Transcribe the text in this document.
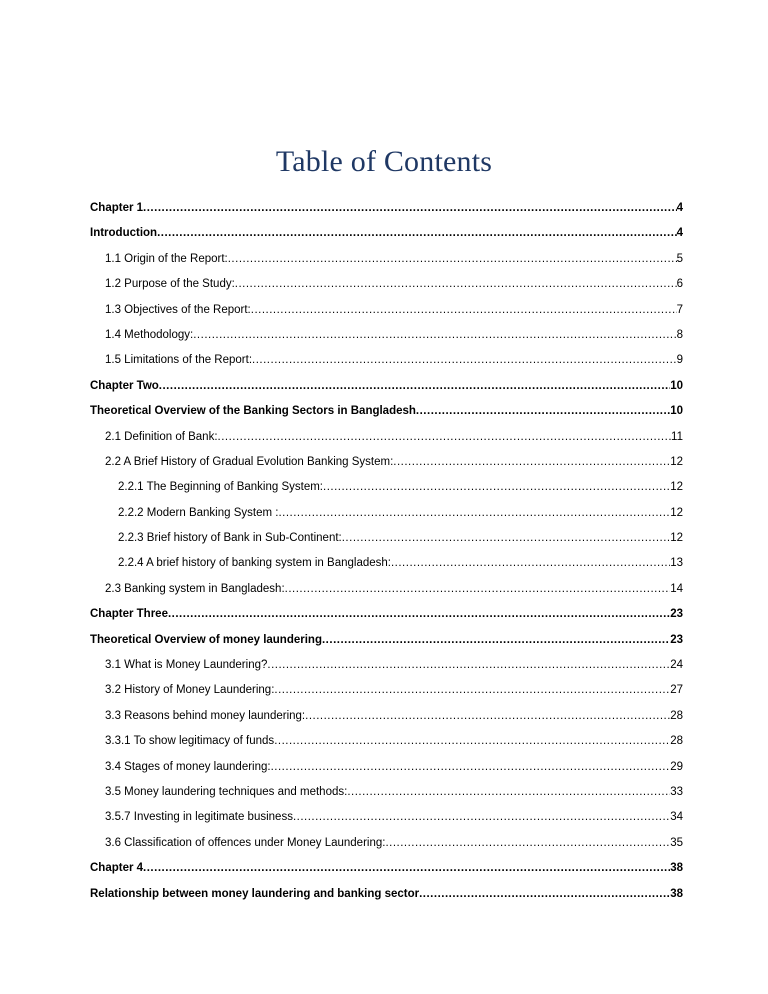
Table of Contents
Chapter 1 .....	4
Introduction .....	4
1.1 Origin of the Report: .....	5
1.2 Purpose of the Study: .....	6
1.3 Objectives of the Report: .....	7
1.4 Methodology: .....	8
1.5 Limitations of the Report: .....	9
Chapter Two .....	10
Theoretical Overview of the Banking Sectors in Bangladesh .....	10
2.1 Definition of Bank: .....	11
2.2 A Brief History of Gradual Evolution Banking System: .....	12
2.2.1 The Beginning of Banking System: .....	12
2.2.2 Modern Banking System : .....	12
2.2.3 Brief history of Bank in Sub-Continent: .....	12
2.2.4 A brief history of banking system in Bangladesh: .....	13
2.3 Banking system in Bangladesh: .....	14
Chapter Three .....	23
Theoretical Overview of money laundering .....	23
3.1 What is Money Laundering? .....	24
3.2 History of Money Laundering: .....	27
3.3 Reasons behind money laundering: .....	28
3.3.1 To show legitimacy of funds .....	28
3.4 Stages of money laundering: .....	29
3.5 Money laundering techniques and methods: .....	33
3.5.7 Investing in legitimate business .....	34
3.6 Classification of offences under Money Laundering: .....	35
Chapter 4 .....	38
Relationship between money laundering and banking sector .....	38
